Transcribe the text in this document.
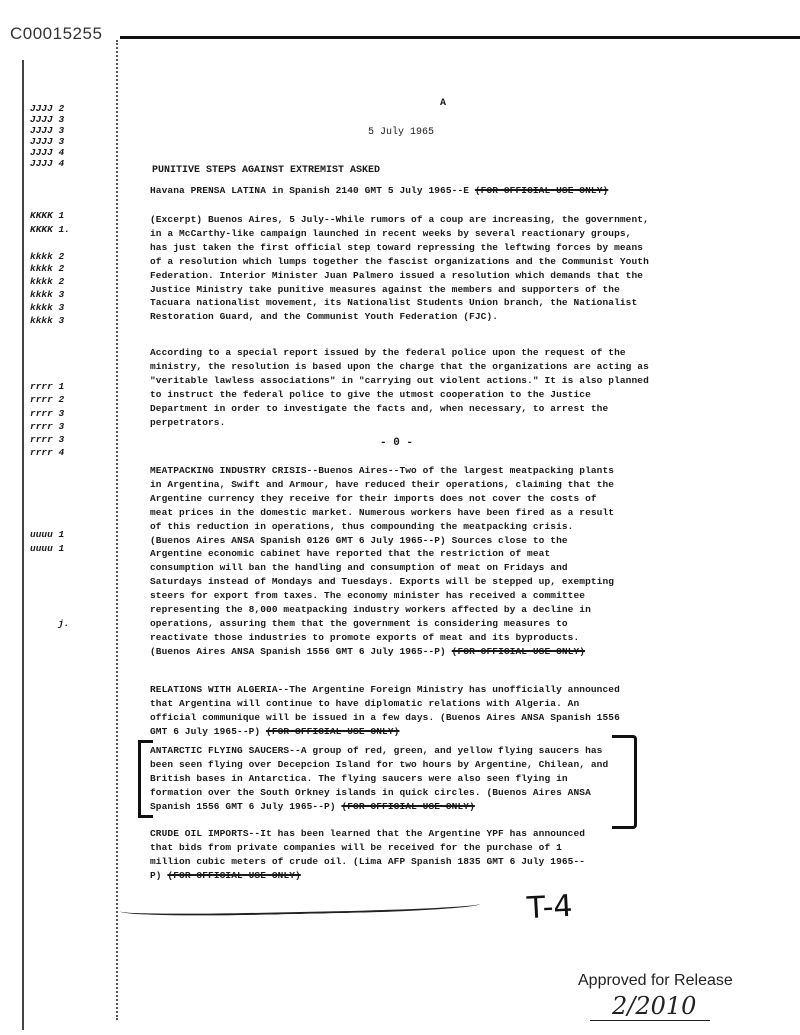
C00015255
JJJJ 2
JJJJ 3
JJJJ 3
JJJJ 3
JJJJ 4
JJJJ 4
KKKK 1
KKKK 1.
kkkk 2
kkkk 2
kkkk 2
kkkk 3
kkkk 3
kkkk 3
rrrr 1
rrrr 2
rrrr 3
rrrr 3
rrrr 3
rrrr 4
uuuu 1
uuuu 1
j.
A
5 July 1965
PUNITIVE STEPS AGAINST EXTREMIST ASKED
Havana PRENSA LATINA in Spanish 2140 GMT 5 July 1965--E (FOR OFFICIAL USE ONLY)

(Excerpt) Buenos Aires, 5 July--While rumors of a coup are increasing, the government, in a McCarthy-like campaign launched in recent weeks by several reactionary groups, has just taken the first official step toward repressing the leftwing forces by means of a resolution which lumps together the fascist organizations and the Communist Youth Federation. Interior Minister Juan Palmero issued a resolution which demands that the Justice Ministry take punitive measures against the members and supporters of the Tacuara nationalist movement, its Nationalist Students Union branch, the Nationalist Restoration Guard, and the Communist Youth Federation (FJC).

According to a special report issued by the federal police upon the request of the ministry, the resolution is based upon the charge that the organizations are acting as "veritable lawless associations" in "carrying out violent actions." It is also planned to instruct the federal police to give the utmost cooperation to the Justice Department in order to investigate the facts and, when necessary, to arrest the perpetrators.

- 0 -
MEATPACKING INDUSTRY CRISIS--Buenos Aires--Two of the largest meatpacking plants in Argentina, Swift and Armour, have reduced their operations, claiming that the Argentine currency they receive for their imports does not cover the costs of meat prices in the domestic market. Numerous workers have been fired as a result of this reduction in operations, thus compounding the meatpacking crisis. (Buenos Aires ANSA Spanish 0126 GMT 6 July 1965--P) Sources close to the Argentine economic cabinet have reported that the restriction of meat consumption will ban the handling and consumption of meat on Fridays and Saturdays instead of Mondays and Tuesdays. Exports will be stepped up, exempting steers for export from taxes. The economy minister has received a committee representing the 8,000 meatpacking industry workers affected by a decline in operations, assuring them that the government is considering measures to reactivate those industries to promote exports of meat and its byproducts. (Buenos Aires ANSA Spanish 1556 GMT 6 July 1965--P) (FOR OFFICIAL USE ONLY)
RELATIONS WITH ALGERIA--The Argentine Foreign Ministry has unofficially announced that Argentina will continue to have diplomatic relations with Algeria. An official communique will be issued in a few days. (Buenos Aires ANSA Spanish 1556 GMT 6 July 1965--P) (FOR OFFICIAL USE ONLY)
ANTARCTIC FLYING SAUCERS--A group of red, green, and yellow flying saucers has been seen flying over Decepcion Island for two hours by Argentine, Chilean, and British bases in Antarctica. The flying saucers were also seen flying in formation over the South Orkney islands in quick circles. (Buenos Aires ANSA Spanish 1556 GMT 6 July 1965--P) (FOR OFFICIAL USE ONLY)
CRUDE OIL IMPORTS--It has been learned that the Argentine YPF has announced that bids from private companies will be received for the purchase of 1 million cubic meters of crude oil. (Lima AFP Spanish 1835 GMT 6 July 1965--P) (FOR OFFICIAL USE ONLY)
T-4
Approved for Release
2/2010
